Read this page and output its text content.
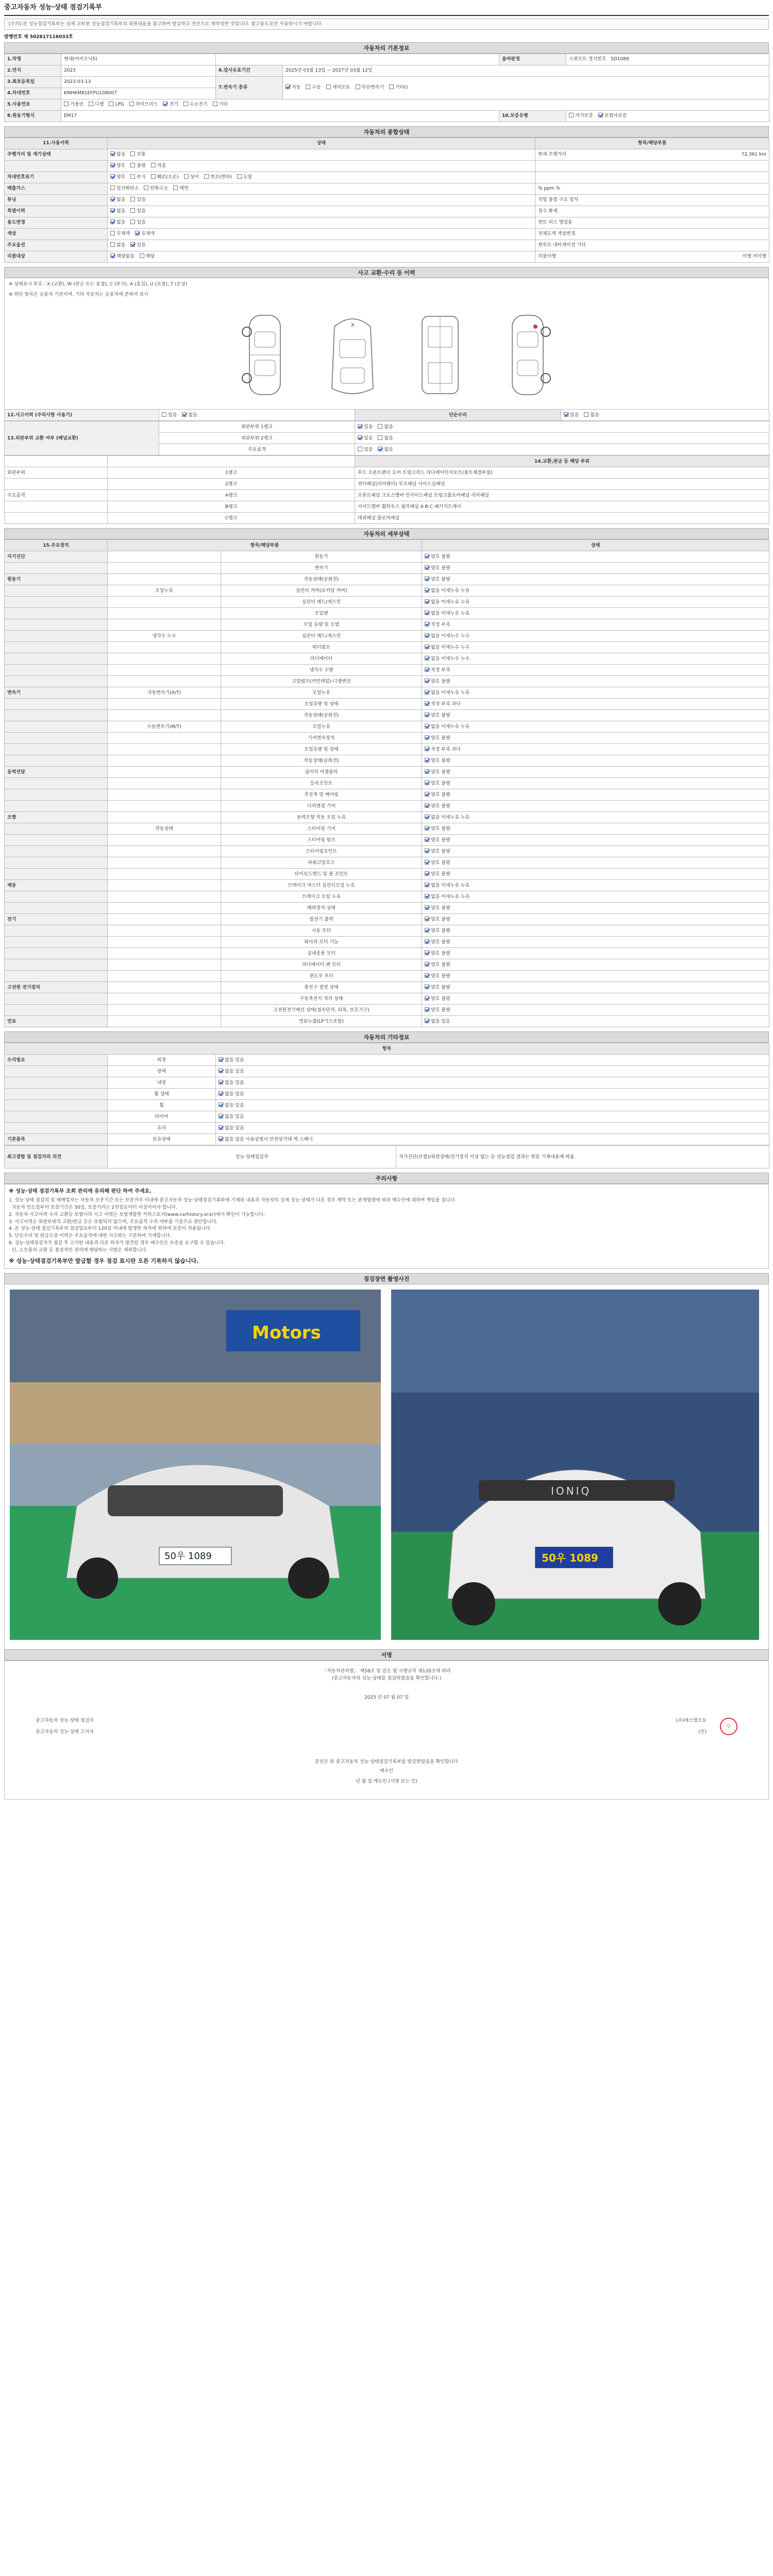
중고자동차 성능·상태 점검기록부
[주의] 본 성능점검기록부는 실제 교부된 성능점검기록부의 복원내용을 참고하여 발급하고 전산으로 재작성한 것입니다. 참고용도로만 사용하시기 바랍니다.
발행번호 제 502617116033호
자동차의 기본정보
1.차명	현대(아이오닉5)			올바판정	스위프트 정식번호 5D1089
2.연식	2023	6.검사유효기간	2025년 03월 13일 ~ 2027년 03월 12일		
3.최초등록일	2023-03-13	7.변속기 종류	자동 수동 세미오토 무단변속기 기타()		
4.차대번호	KMHKM81EFPU108007				
5.사용연료	가솔린 디젤 LPG 하이브리드 전기 수소전기 기타				
8.원동기형식	EM17			10.보증유형	자가보증 보험사보증
자동차의 종합상태
11.사용이력	상태	항목/해당부품
주행거리 및 계기상태	많음 보통	현재 주행거리 72,361 km

	양호 불량 적음	

차대번호표기	양호 부식 훼손(오손) 상이 변조(변타) 도말	

배출가스	일산화탄소 탄화수소 매연	% ppm %

튜닝	없음 있음	적법 불법 구조 장치

특별이력	없음 있음	침수 화재

용도변경	없음 있음	렌트 리스 영업용

색상	무채색 유채색	전체도색 색상변경

주요옵션	없음 있음	썬루프 네비게이션 기타

리콜대상	해당없음 해당	리콜이행 이행 미이행
사고 교환·수리 등 이력
※ 상태표시 부호 : X (교환), W (판금 또는 용접), C (부식), A (흠집), U (요철), T (손상)
※ 하단 항목은 승용차 기준이며, 기타 자동차는 승용차에 준하여 표시
X
12.사고이력 (주의사항 사용기)	있음 없음	단순수리	있음 없음
13.외판부위 교환 여부 (패널교환)	외판부위 1랭크	있음 없음
	외판부위 2랭크	있음 없음
	주요골격	있음 없음
		14.교환,판금 등 해당 부위
외판부위	1랭크	후드 프론트펜더 도어 트렁크리드 라디에이터서포트(볼트체결부품)
	2랭크	쿼터패널(리어펜더) 루프패널 사이드실패널
주요골격	A랭크	프론트패널 크로스멤버 인사이드패널 트렁크플로어패널 리어패널
	B랭크	사이드멤버 휠하우스 필러패널 A B C 패키지트레이
	C랭크	대쉬패널 플로어패널
자동차의 세부상태
15.주요장치	항목/해당부품		상태
자기진단		원동기	양호 불량
		변속기	양호 불량
원동기		작동상태(공회전)	양호 불량
	오일누유	실린더 커버(로커암 커버)	없음 미세누유 누유
		실린더 헤드/개스킷	없음 미세누유 누유
		오일팬	없음 미세누유 누유
		오일 유량 및 오염	적정 부족
	냉각수 누수	실린더 헤드/개스킷	없음 미세누수 누수
		워터펌프	없음 미세누수 누수
		라디에이터	없음 미세누수 누수
		냉각수 수량	적정 부족
		고압펌프(커먼레일)-디젤엔진	양호 불량
변속기	자동변속기(A/T)	오일누유	없음 미세누유 누유
		오일유량 및 상태	적정 부족 과다
		작동상태(공회전)	양호 불량
	수동변속기(M/T)	오일누유	없음 미세누유 누유
		기어변속장치	양호 불량
		오일유량 및 상태	적정 부족 과다
		작동상태(공회전)	양호 불량
동력전달		클러치 어셈블리	양호 불량
		등속조인트	양호 불량
		추진축 및 베어링	양호 불량
		디퍼렌셜 기어	양호 불량
조향		동력조향 작동 오일 누유	없음 미세누유 누유
	작동상태	스티어링 기어	양호 불량
		스티어링 펌프	양호 불량
		스티어링조인트	양호 불량
		파워고압호스	양호 불량
		타이로드엔드 및 볼 조인트	양호 불량
제동		브레이크 마스터 실린더오일 누유	없음 미세누유 누유
		브레이크 오일 누유	없음 미세누유 누유
		배력장치 상태	양호 불량
전기		발전기 출력	양호 불량
		시동 모터	양호 불량
		와이퍼 모터 기능	양호 불량
		실내송풍 모터	양호 불량
		라디에이터 팬 모터	양호 불량
		윈도우 모터	양호 불량
고전원 전기장치		충전구 절연 상태	양호 불량
		구동축전지 격리 상태	양호 불량
		고전원전기배선 상태(접속단자, 피복, 보호기구)	양호 불량
연료		연료누출(LP가스포함)	없음 있음
자동차의 기타정보
항목		
수리필요	외장	없음 있음
	광택	없음 있음
	내장	없음 있음
	휠 상태	없음 있음
	휠	없음 있음
	타이어	없음 있음
	유리	없음 있음
기본품목	보유상태	없음 있음 사용설명서 안전삼각대 잭 스패너
최고결함 및 점검자의 의견	성능·상태점검자	자가진단(보험)/외관상태/전기장치 이상 없는 등 성능점검 결과는 원문 기재내용에 따름
주의사항
※ 성능·상태 점검기록부 조회 관리에 유의해 판단 하여 주세요.
1. 성능·상태 점검의 및 매매업자는 자동차 보증기간 또는 보증거리 이내에 중고자동차 성능·상태점검기록부에 기재된 내용과 자동차의 실제 성능·상태가 다른 경우 계약 또는 관계법령에 따라 매수인에 대하여 책임을 집니다.
· 자동차 인도일부터 보증기간은 30일, 보증거리는 2천킬로미터 이상이어야 합니다.
2. 자동차 사고이력 수리 교환등 보험사의 사고 이력은 보험개발원 카히스토리(www.carhistory.or.kr)에서 확인이 가능합니다.
3. 사고이력은 외판부위의 교환/판금 등은 포함되지 않으며, 주요골격 수리 여부를 기준으로 판단합니다.
4. 본 성능·상태 점검기록부의 점검일로부터 120일 이내에 발생한 하자에 한하여 보증이 적용됩니다.
5. 단순수리 및 판금도장 이력은 주요골격에 대한 사고와는 구분하여 기재합니다.
6. 성능·상태점검자가 점검 후 고지한 내용과 다른 하자가 발견된 경우 매수인은 보증을 요구할 수 있습니다.
· 단, 소모품의 교환 등 통상적인 관리에 해당하는 사항은 제외합니다.
※ 성능·상태점검기록부만 발급할 경우 점검 표시란 오른 기록하지 않습니다.
점검장면 촬영사진
Motors
50우 1089
IONIQ
50우 1089
서명
「자동차관리법」 제58조 및 같은 법 시행규칙 제120조에 따라
(중고자동차의 성능·상태를 점검하였음을 확인합니다.)
2025 년 07 월 07 일
중고자동차 성능·상태 점검자	(주)에스엠오토
중고자동차 성능·상태 고지자	(인)
인
본인은 위 중고자동차 성능·상태점검기록부를 발급받았음을 확인합니다
매수인
년 월 일 매수인 (서명 또는 인)
